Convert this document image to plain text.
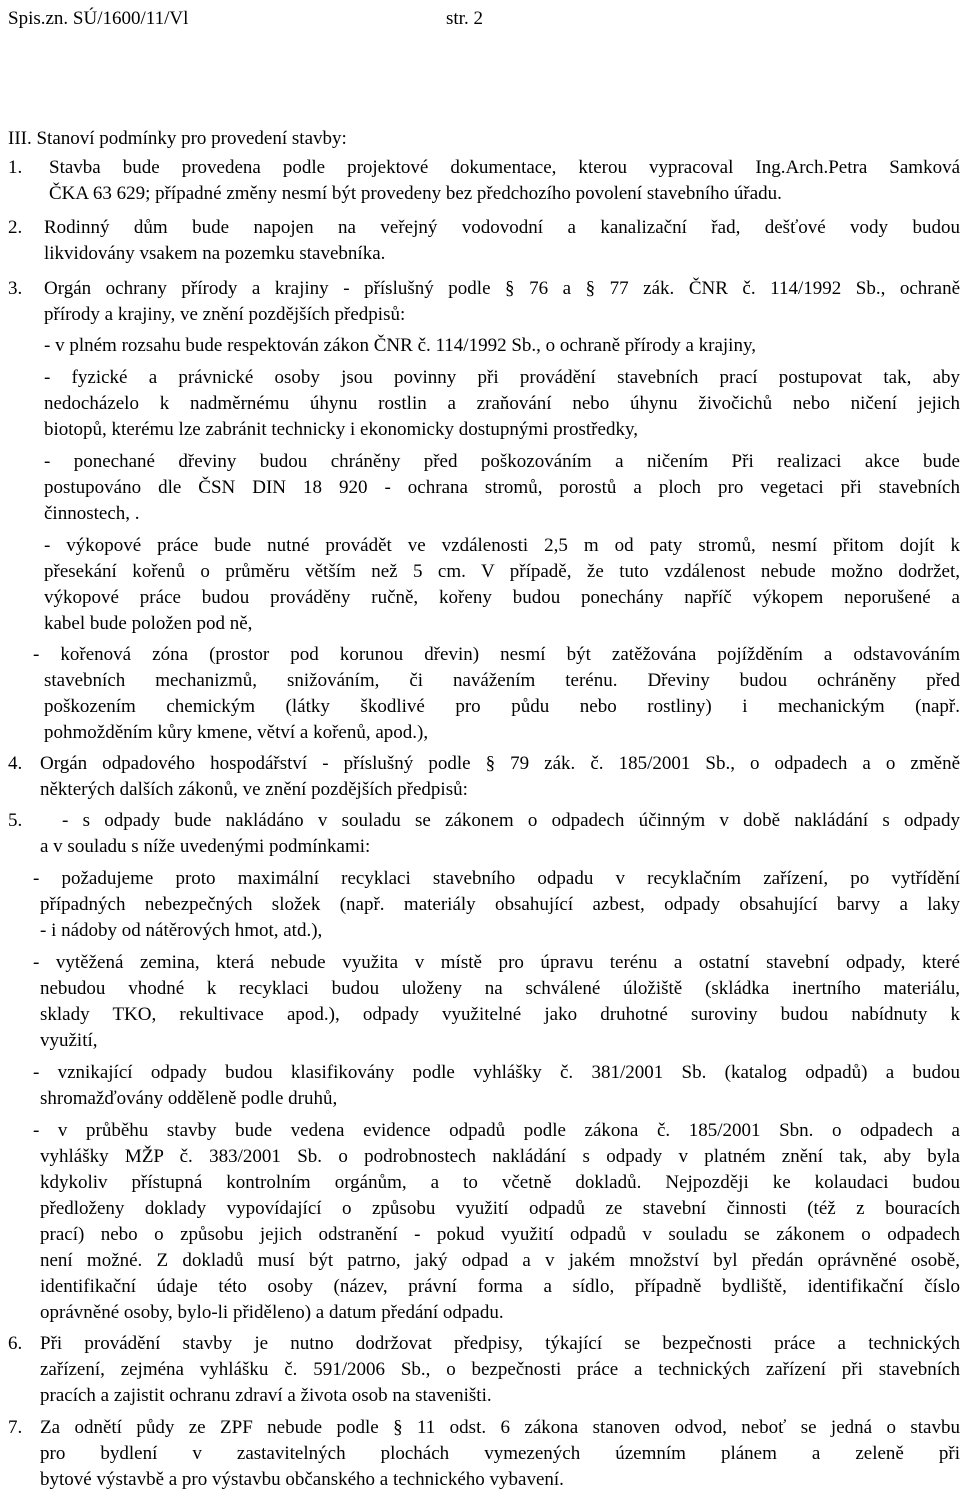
Spis.zn. SÚ/1600/11/Vl	str. 2
III. Stanoví podmínky pro provedení stavby:
1. Stavba bude provedena podle projektové dokumentace, kterou vypracoval Ing.Arch.Petra Samková
ČKA 63 629; případné změny nesmí být provedeny bez předchozího povolení stavebního úřadu.
2. Rodinný dům bude napojen na veřejný vodovodní a kanalizační řad, dešťové vody budou
likvidovány vsakem na pozemku stavebníka.
3. Orgán ochrany přírody a krajiny - příslušný podle § 76 a § 77 zák. ČNR č. 114/1992 Sb., ochraně
přírody a krajiny, ve znění pozdějších předpisů:
- v plném rozsahu bude respektován zákon ČNR č. 114/1992 Sb., o ochraně přírody a krajiny,
- fyzické a právnické osoby jsou povinny při provádění stavebních prací postupovat tak, aby
nedocházelo k nadměrnému úhynu rostlin a zraňování nebo úhynu živočichů nebo ničení jejich
biotopů, kterému lze zabránit technicky i ekonomicky dostupnými prostředky,
- ponechané dřeviny budou chráněny před poškozováním a ničením Při realizaci akce bude
postupováno dle ČSN DIN 18 920 - ochrana stromů, porostů a ploch pro vegetaci při stavebních
činnostech, .
- výkopové práce bude nutné provádět ve vzdálenosti 2,5 m od paty stromů, nesmí přitom dojít k
přesekání kořenů o průměru větším než 5 cm. V případě, že tuto vzdálenost nebude možno dodržet,
výkopové práce budou prováděny ručně, kořeny budou ponechány napříč výkopem neporušené a
kabel bude položen pod ně,
- kořenová zóna (prostor pod korunou dřevin) nesmí být zatěžována pojížděním a odstavováním
stavebních mechanizmů, snižováním, či navážením terénu. Dřeviny budou ochráněny před
poškozením chemickým (látky škodlivé pro půdu nebo rostliny) i mechanickým (např.
pohmožděním kůry kmene, větví a kořenů, apod.),
4. Orgán odpadového hospodářství - příslušný podle § 79 zák. č. 185/2001 Sb., o odpadech a o změně
některých dalších zákonů, ve znění pozdějších předpisů:
5. - s odpady bude nakládáno v souladu se zákonem o odpadech účinným v době nakládání s odpady
a v souladu s níže uvedenými podmínkami:
- požadujeme proto maximální recyklaci stavebního odpadu v recyklačním zařízení, po vytřídění
případných nebezpečných složek (např. materiály obsahující azbest, odpady obsahující barvy a laky
- i nádoby od nátěrových hmot, atd.),
- vytěžená zemina, která nebude využita v místě pro úpravu terénu a ostatní stavební odpady, které
nebudou vhodné k recyklaci budou uloženy na schválené úložiště (skládka inertního materiálu,
sklady TKO, rekultivace apod.), odpady využitelné jako druhotné suroviny budou nabídnuty k
využití,
- vznikající odpady budou klasifikovány podle vyhlášky č. 381/2001 Sb. (katalog odpadů) a budou
shromažďovány odděleně podle druhů,
- v průběhu stavby bude vedena evidence odpadů podle zákona č. 185/2001 Sbn. o odpadech a
vyhlášky MŽP č. 383/2001 Sb. o podrobnostech nakládání s odpady v platném znění tak, aby byla
kdykoliv přístupná kontrolním orgánům, a to včetně dokladů. Nejpozději ke kolaudaci budou
předloženy doklady vypovídající o způsobu využití odpadů ze stavební činnosti (též z bouracích
prací) nebo o způsobu jejich odstranění - pokud využití odpadů v souladu se zákonem o odpadech
není možné. Z dokladů musí být patrno, jaký odpad a v jakém množství byl předán oprávněné osobě,
identifikační údaje této osoby (název, právní forma a sídlo, případně bydliště, identifikační číslo
oprávněné osoby, bylo-li přiděleno) a datum předání odpadu.
6. Při provádění stavby je nutno dodržovat předpisy, týkající se bezpečnosti práce a technických
zařízení, zejména vyhlášku č. 591/2006 Sb., o bezpečnosti práce a technických zařízení při stavebních
pracích a zajistit ochranu zdraví a života osob na staveništi.
7. Za odnětí půdy ze ZPF nebude podle § 11 odst. 6 zákona stanoven odvod, neboť se jedná o stavbu
pro bydlení v zastavitelných plochách vymezených územním plánem a zeleně při
bytové výstavbě a pro výstavbu občanského a technického vybavení.
